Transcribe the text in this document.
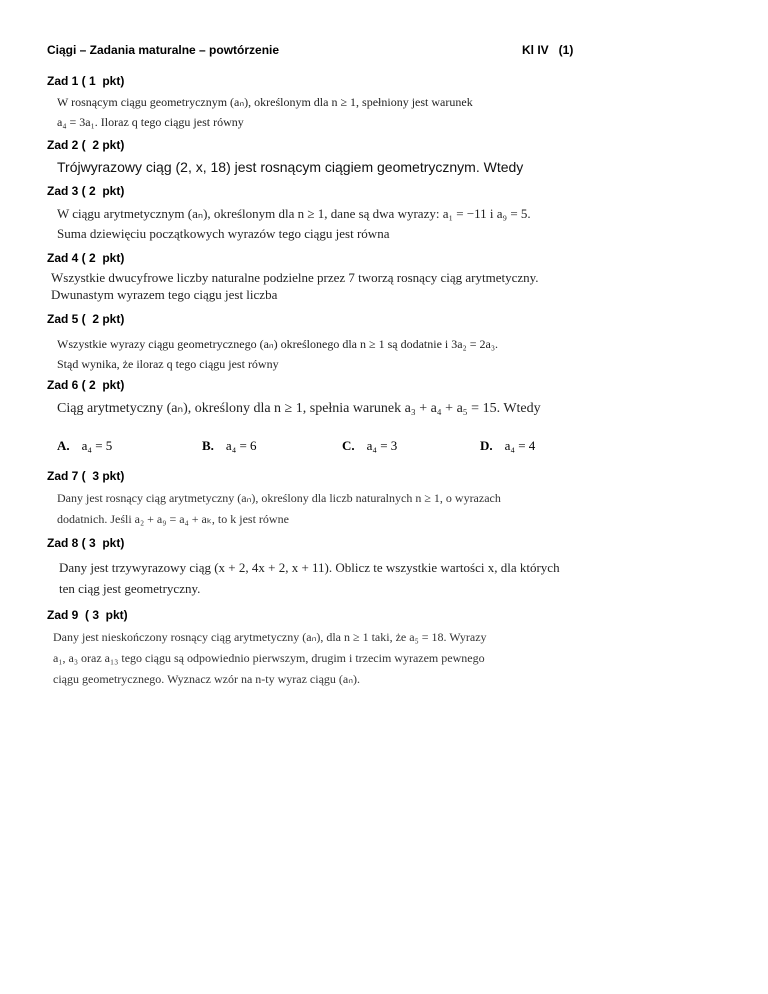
Ciągi – Zadania maturalne – powtórzenie	Kl IV   (1)
Zad 1 ( 1  pkt)
W rosnącym ciągu geometrycznym (aₙ), określonym dla n ≥ 1, spełniony jest warunek
a₄ = 3a₁. Iloraz q tego ciągu jest równy
Zad 2 (  2 pkt)
Trójwyrazowy ciąg (2, x, 18) jest rosnącym ciągiem geometrycznym. Wtedy
Zad 3 ( 2  pkt)
W ciągu arytmetycznym (aₙ), określonym dla n ≥ 1, dane są dwa wyrazy: a₁ = −11 i a₉ = 5.
Suma dziewięciu początkowych wyrazów tego ciągu jest równa
Zad 4 ( 2  pkt)
Wszystkie dwucyfrowe liczby naturalne podzielne przez 7 tworzą rosnący ciąg arytmetyczny.
Dwunastym wyrazem tego ciągu jest liczba
Zad 5 (  2 pkt)
Wszystkie wyrazy ciągu geometrycznego (aₙ) określonego dla n ≥ 1 są dodatnie i 3a₂ = 2a₃.
Stąd wynika, że iloraz q tego ciągu jest równy
Zad 6 ( 2  pkt)
Ciąg arytmetyczny (aₙ), określony dla n ≥ 1, spełnia warunek a₃ + a₄ + a₅ = 15. Wtedy
A. a₄ = 5	B. a₄ = 6	C. a₄ = 3	D. a₄ = 4
Zad 7 (  3 pkt)
Dany jest rosnący ciąg arytmetyczny (aₙ), określony dla liczb naturalnych n ≥ 1, o wyrazach
dodatnich. Jeśli a₂ + a₉ = a₄ + aₖ, to k jest równe
Zad 8 ( 3  pkt)
Dany jest trzywyrazowy ciąg (x + 2, 4x + 2, x + 11). Oblicz te wszystkie wartości x, dla których
ten ciąg jest geometryczny.
Zad 9  ( 3  pkt)
Dany jest nieskończony rosnący ciąg arytmetyczny (aₙ), dla n ≥ 1 taki, że a₅ = 18. Wyrazy
a₁, a₃ oraz a₁₃ tego ciągu są odpowiednio pierwszym, drugim i trzecim wyrazem pewnego
ciągu geometrycznego. Wyznacz wzór na n-ty wyraz ciągu (aₙ).
